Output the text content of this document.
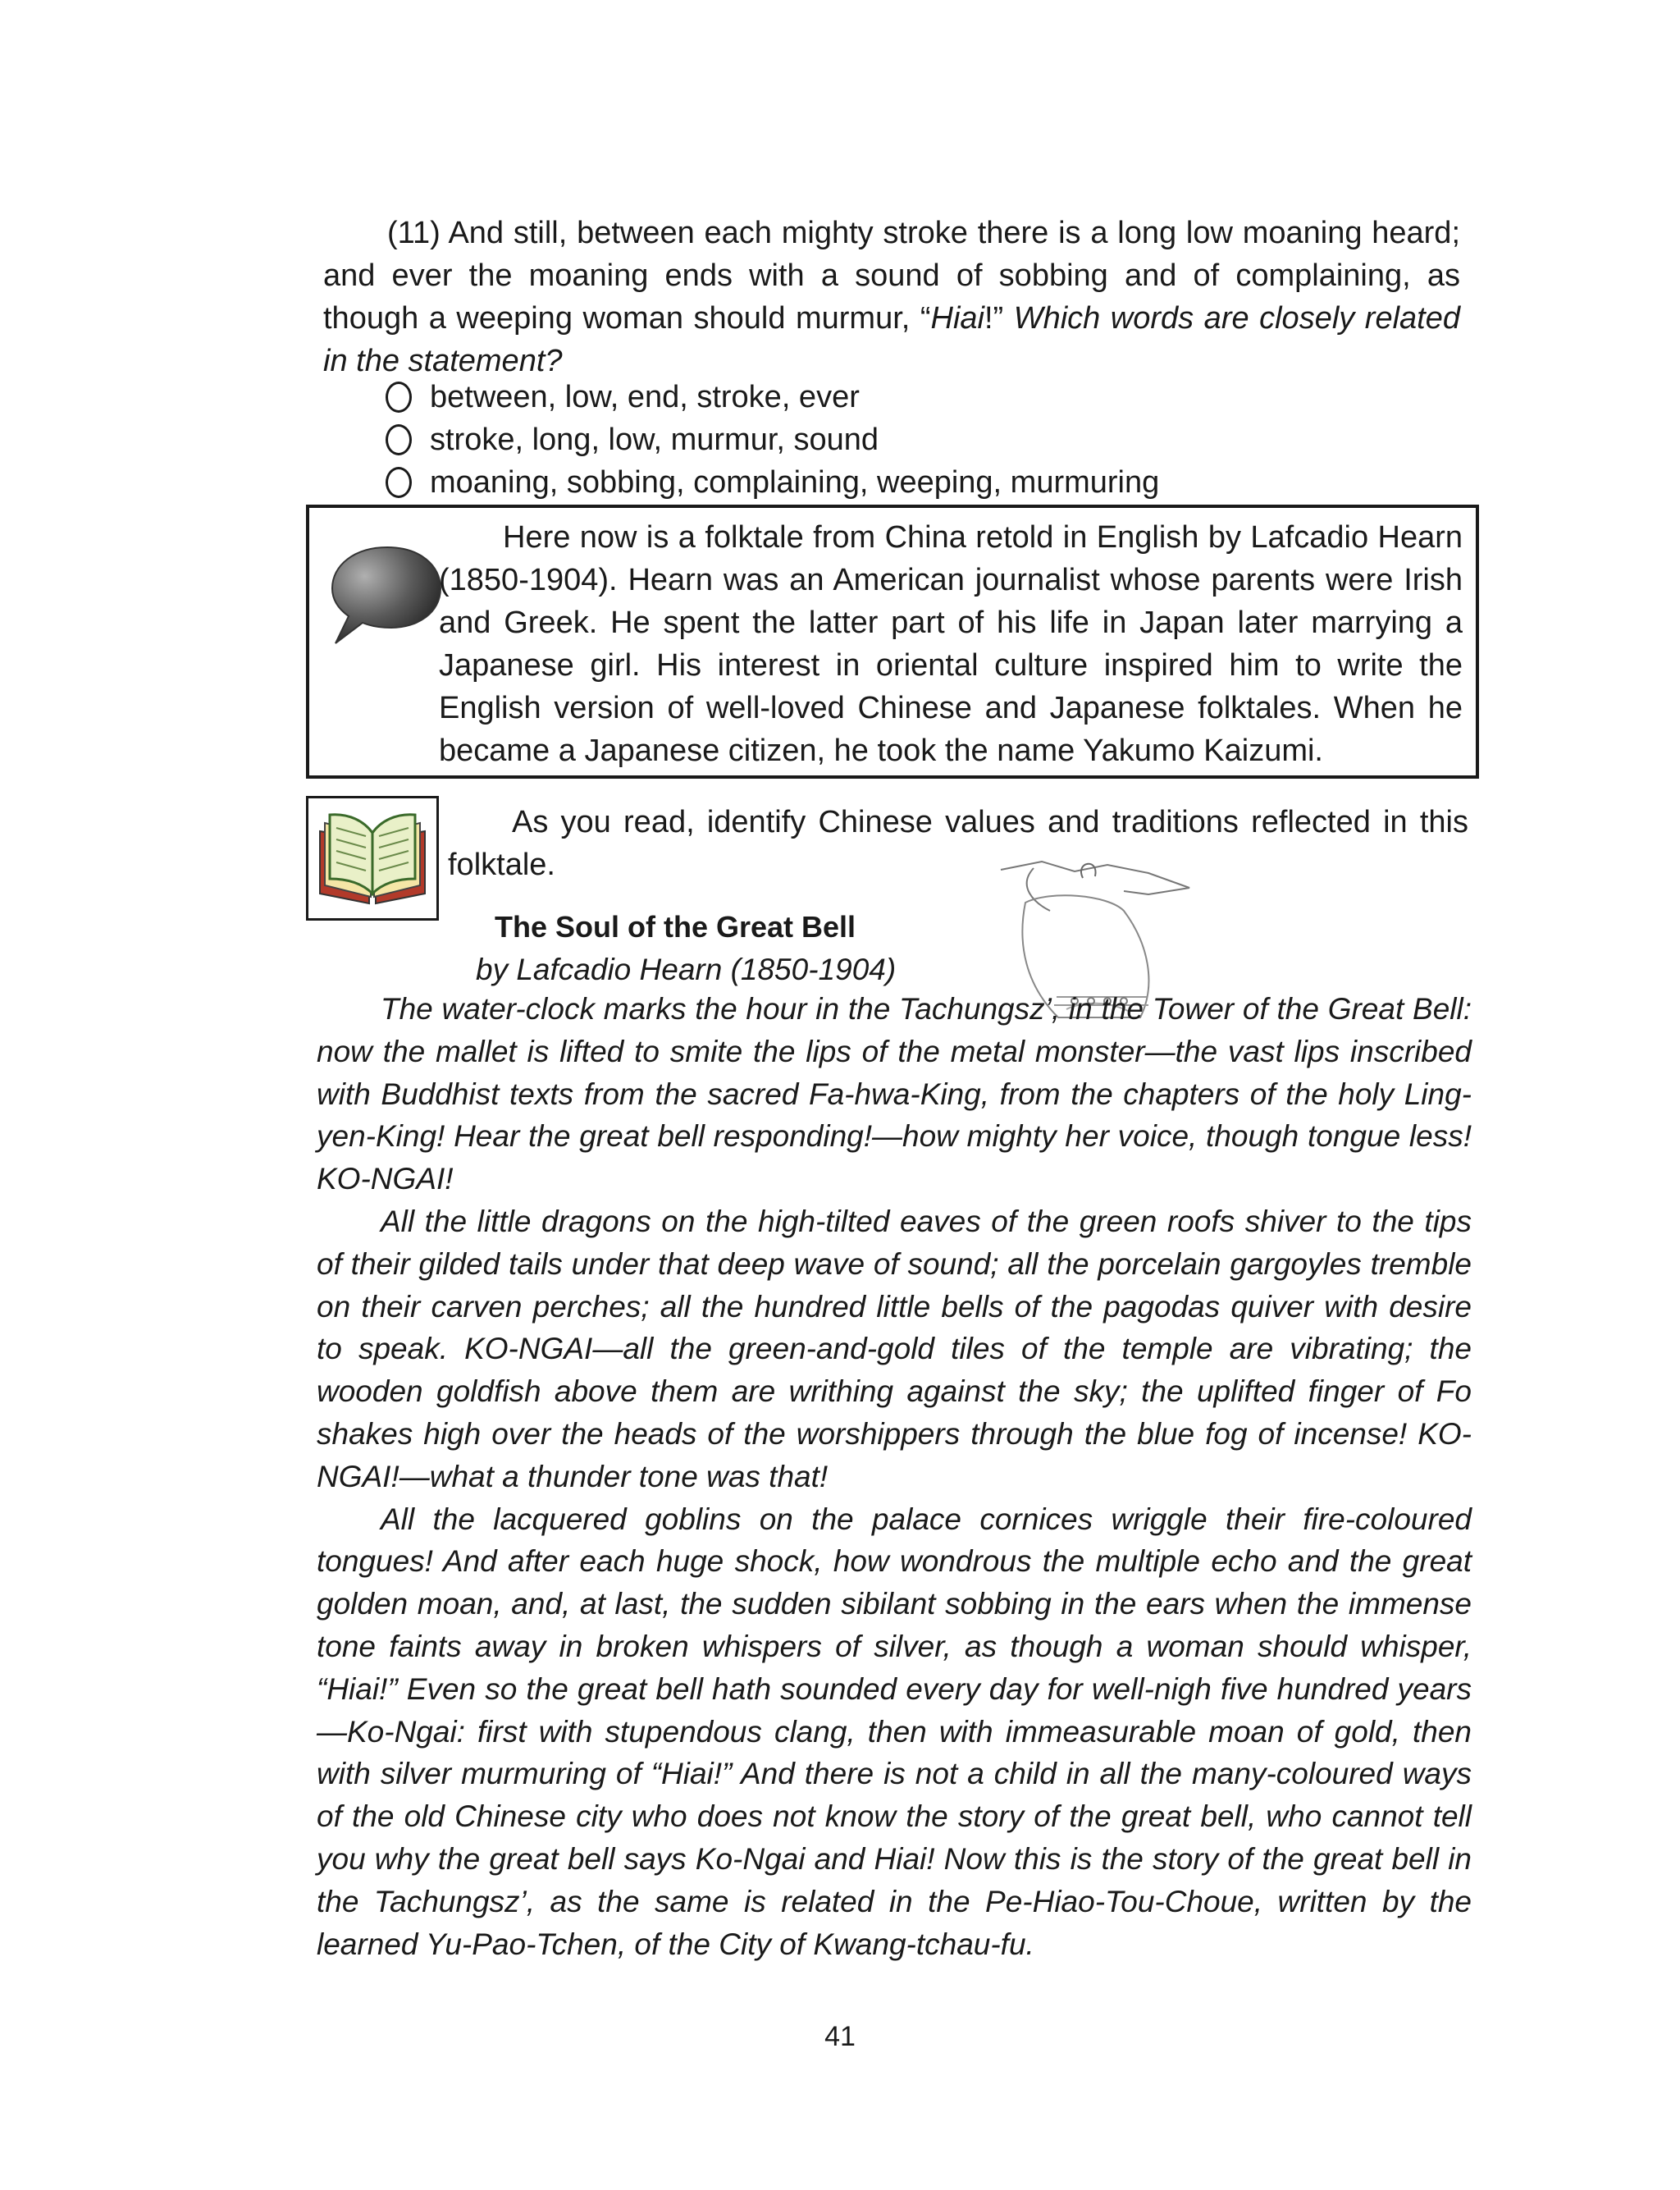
(11) And still, between each mighty stroke there is a long low moaning heard; and ever the moaning ends with a sound of sobbing and of complaining, as though a weeping woman should murmur, “Hiai!” Which words are closely related in the statement?
between, low, end, stroke, ever
stroke, long, low, murmur, sound
moaning, sobbing, complaining, weeping, murmuring
Here now is a folktale from China retold in English by Lafcadio Hearn (1850-1904). Hearn was an American journalist whose parents were Irish and Greek. He spent the latter part of his life in Japan later marrying a Japanese girl. His interest in oriental culture inspired him to write the English version of well-loved Chinese and Japanese folktales. When he became a Japanese citizen, he took the name Yakumo Kaizumi.
As you read, identify Chinese values and traditions reflected in this folktale.
The Soul of the Great Bell
by Lafcadio Hearn (1850-1904)

The water-clock marks the hour in the Tachungsz’, in the Tower of the Great Bell: now the mallet is lifted to smite the lips of the metal monster—the vast lips inscribed with Buddhist texts from the sacred Fa-hwa-King, from the chapters of the holy Ling-yen-King! Hear the great bell responding!—how mighty her voice, though tongue less! KO-NGAI!

All the little dragons on the high-tilted eaves of the green roofs shiver to the tips of their gilded tails under that deep wave of sound; all the porcelain gargoyles tremble on their carven perches; all the hundred little bells of the pagodas quiver with desire to speak. KO-NGAI—all the green-and-gold tiles of the temple are vibrating; the wooden goldfish above them are writhing against the sky; the uplifted finger of Fo shakes high over the heads of the worshippers through the blue fog of incense! KO-NGAI!—what a thunder tone was that!

All the lacquered goblins on the palace cornices wriggle their fire-coloured tongues! And after each huge shock, how wondrous the multiple echo and the great golden moan, and, at last, the sudden sibilant sobbing in the ears when the immense tone faints away in broken whispers of silver, as though a woman should whisper, “Hiai!” Even so the great bell hath sounded every day for well-nigh five hundred years—Ko-Ngai: first with stupendous clang, then with immeasurable moan of gold, then with silver murmuring of “Hiai!” And there is not a child in all the many-coloured ways of the old Chinese city who does not know the story of the great bell, who cannot tell you why the great bell says Ko-Ngai and Hiai! Now this is the story of the great bell in the Tachungsz’, as the same is related in the Pe-Hiao-Tou-Choue, written by the learned Yu-Pao-Tchen, of the City of Kwang-tchau-fu.

41
